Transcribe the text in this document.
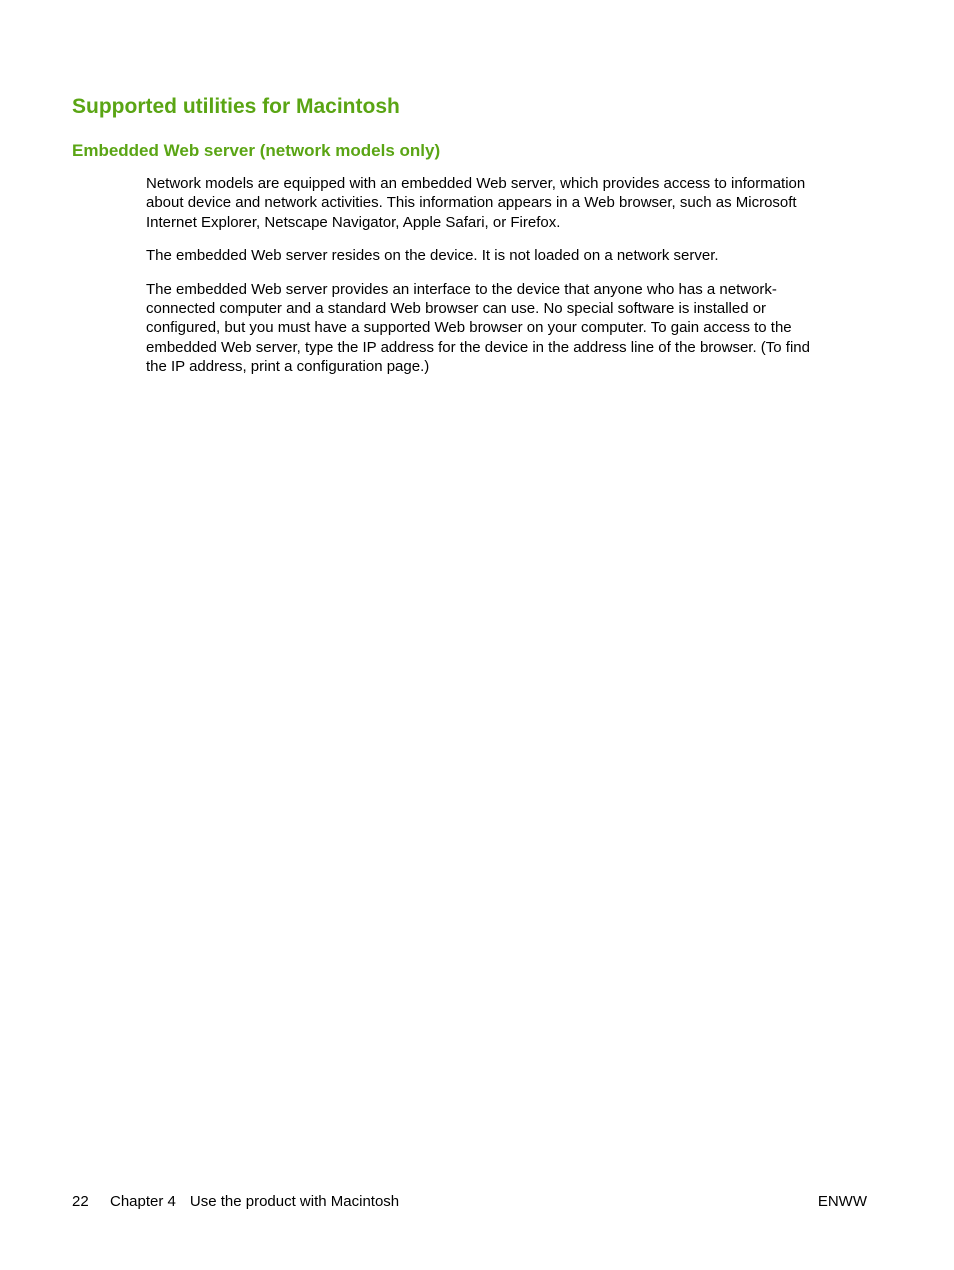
Supported utilities for Macintosh
Embedded Web server (network models only)

Network models are equipped with an embedded Web server, which provides access to information
about device and network activities. This information appears in a Web browser, such as Microsoft
Internet Explorer, Netscape Navigator, Apple Safari, or Firefox.

The embedded Web server resides on the device. It is not loaded on a network server.

The embedded Web server provides an interface to the device that anyone who has a network-
connected computer and a standard Web browser can use. No special software is installed or
configured, but you must have a supported Web browser on your computer. To gain access to the
embedded Web server, type the IP address for the device in the address line of the browser. (To find
the IP address, print a configuration page.)

22 Chapter 4 Use the product with Macintosh	ENWW
